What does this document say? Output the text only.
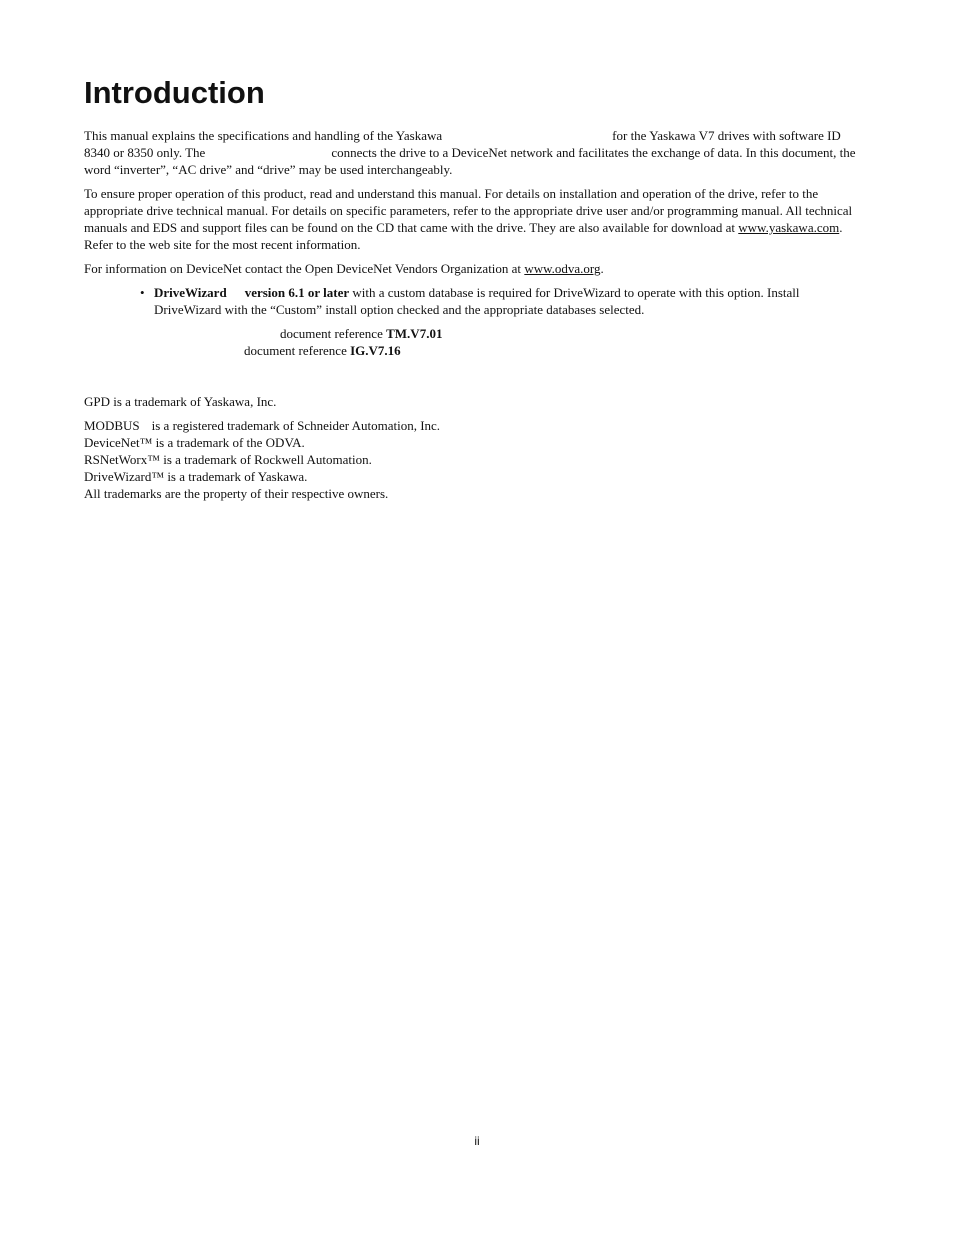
Introduction

This manual explains the specifications and handling of the Yaskawa	for the Yaskawa V7 drives with software ID 8340 or 8350 only. The	connects the drive to a DeviceNet network and facilitates the exchange of data. In this document, the word “inverter”, “AC drive” and “drive” may be used interchangeably.

To ensure proper operation of this product, read and understand this manual. For details on installation and operation of the drive, refer to the appropriate drive technical manual. For details on specific parameters, refer to the appropriate drive user and/or programming manual. All technical manuals and EDS and support files can be found on the CD that came with the drive. They are also available for download at www.yaskawa.com. Refer to the web site for the most recent information.

For information on DeviceNet contact the Open DeviceNet Vendors Organization at www.odva.org.

• DriveWizard version 6.1 or later with a custom database is required for DriveWizard to operate with this option. Install DriveWizard with the “Custom” install option checked and the appropriate databases selected.
document reference TM.V7.01
document reference IG.V7.16

GPD is a trademark of Yaskawa, Inc.

MODBUS is a registered trademark of Schneider Automation, Inc.

DeviceNet™ is a trademark of the ODVA.

RSNetWorx™ is a trademark of Rockwell Automation.

DriveWizard™ is a trademark of Yaskawa.

All trademarks are the property of their respective owners.

ii
